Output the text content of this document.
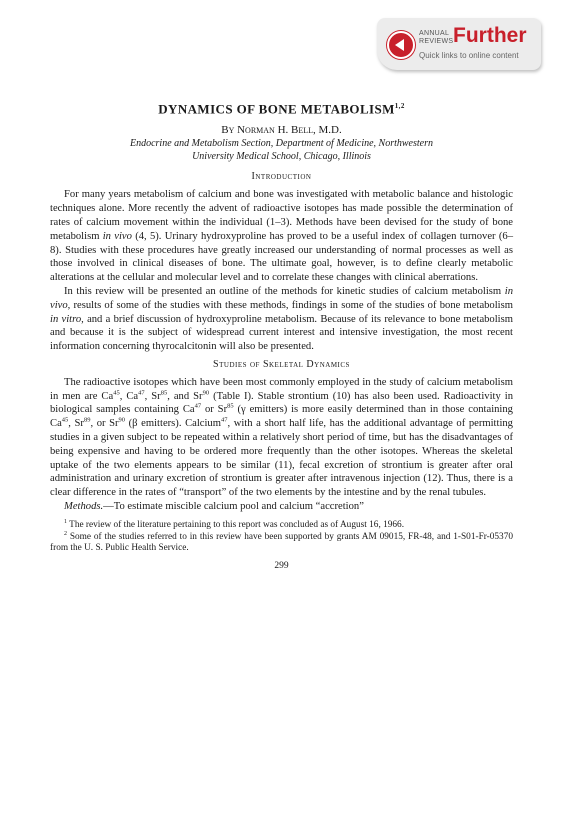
ANNUAL
REVIEWS Further
Quick links to online content
DYNAMICS OF BONE METABOLISM$^{1,2}$
By Norman H. Bell, M.D.
Endocrine and Metabolism Section, Department of Medicine, Northwestern
University Medical School, Chicago, Illinois
Introduction

For many years metabolism of calcium and bone was investigated with metabolic balance and histologic techniques alone. More recently the advent of radioactive isotopes has made possible the determination of rates of calcium movement within the individual (1–3). Methods have been devised for the study of bone metabolism in vivo (4, 5). Urinary hydroxyproline has proved to be a useful index of collagen turnover (6–8). Studies with these procedures have greatly increased our understanding of normal processes as well as those involved in clinical diseases of bone. The ultimate goal, however, is to define clearly metabolic alterations at the cellular and molecular level and to correlate these changes with clinical aberrations.

In this review will be presented an outline of the methods for kinetic studies of calcium metabolism in vivo, results of some of the studies with these methods, findings in some of the studies of bone metabolism in vitro, and a brief discussion of hydroxyproline metabolism. Because of its relevance to bone metabolism and because it is the subject of widespread current interest and intensive investigation, the most recent information concerning thyrocalcitonin will also be presented.

Studies of Skeletal Dynamics

The radioactive isotopes which have been most commonly employed in the study of calcium metabolism in men are Ca$^{45}$, Ca$^{47}$, Sr$^{85}$, and Sr$^{90}$ (Table I). Stable strontium (10) has also been used. Radioactivity in biological samples containing Ca$^{47}$ or Sr$^{85}$ (γ emitters) is more easily determined than in those containing Ca$^{45}$, Sr$^{89}$, or Sr$^{90}$ (β emitters). Calcium$^{47}$, with a short half life, has the additional advantage of permitting studies in a given subject to be repeated within a relatively short period of time, but has the disadvantages of being expensive and having to be ordered more frequently than the other isotopes. Whereas the skeletal uptake of the two elements appears to be similar (11), fecal excretion of strontium is greater after oral administration and urinary excretion of strontium is greater after intravenous injection (12). Thus, there is a clear difference in the rates of “transport” of the two elements by the intestine and by the renal tubules.

Methods.—To estimate miscible calcium pool and calcium “accretion”

$^1$ The review of the literature pertaining to this report was concluded as of August 16, 1966.

$^2$ Some of the studies referred to in this review have been supported by grants AM 09015, FR-48, and 1-S01-Fr-05370 from the U. S. Public Health Service.

299
